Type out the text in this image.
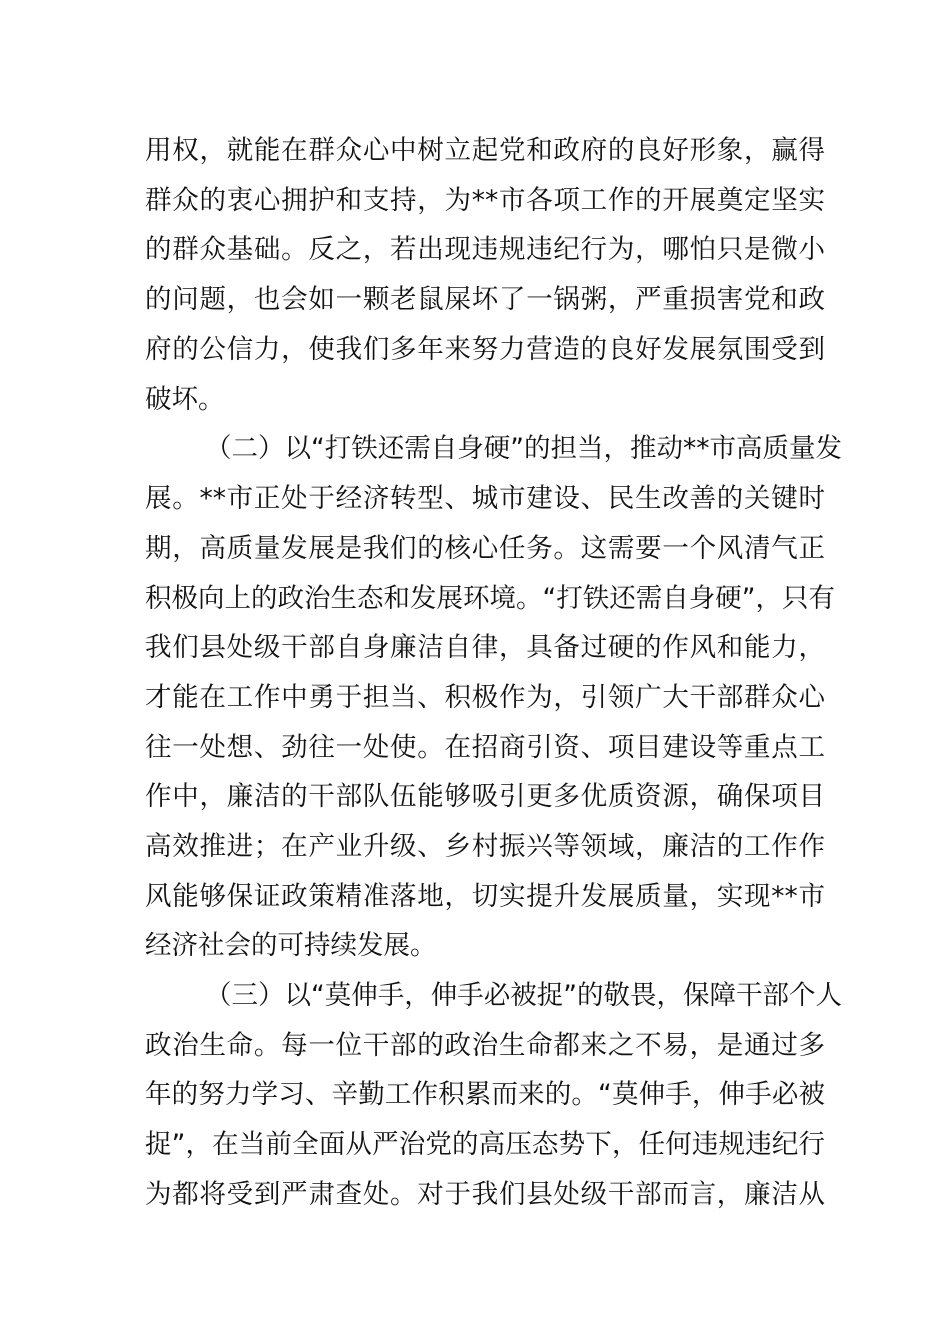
用权，就能在群众心中树立起党和政府的良好形象，赢得
群众的衷心拥护和支持，为**市各项工作的开展奠定坚实
的群众基础。反之，若出现违规违纪行为，哪怕只是微小
的问题，也会如一颗老鼠屎坏了一锅粥，严重损害党和政
府的公信力，使我们多年来努力营造的良好发展氛围受到
破坏。
（二）以“打铁还需自身硬”的担当，推动**市高质量发
展。**市正处于经济转型、城市建设、民生改善的关键时
期，高质量发展是我们的核心任务。这需要一个风清气正
积极向上的政治生态和发展环境。“打铁还需自身硬”，只有
我们县处级干部自身廉洁自律，具备过硬的作风和能力，
才能在工作中勇于担当、积极作为，引领广大干部群众心
往一处想、劲往一处使。在招商引资、项目建设等重点工
作中，廉洁的干部队伍能够吸引更多优质资源，确保项目
高效推进；在产业升级、乡村振兴等领域，廉洁的工作作
风能够保证政策精准落地，切实提升发展质量，实现**市
经济社会的可持续发展。
（三）以“莫伸手，伸手必被捉”的敬畏，保障干部个人
政治生命。每一位干部的政治生命都来之不易，是通过多
年的努力学习、辛勤工作积累而来的。“莫伸手，伸手必被
捉”，在当前全面从严治党的高压态势下，任何违规违纪行
为都将受到严肃查处。对于我们县处级干部而言，廉洁从
